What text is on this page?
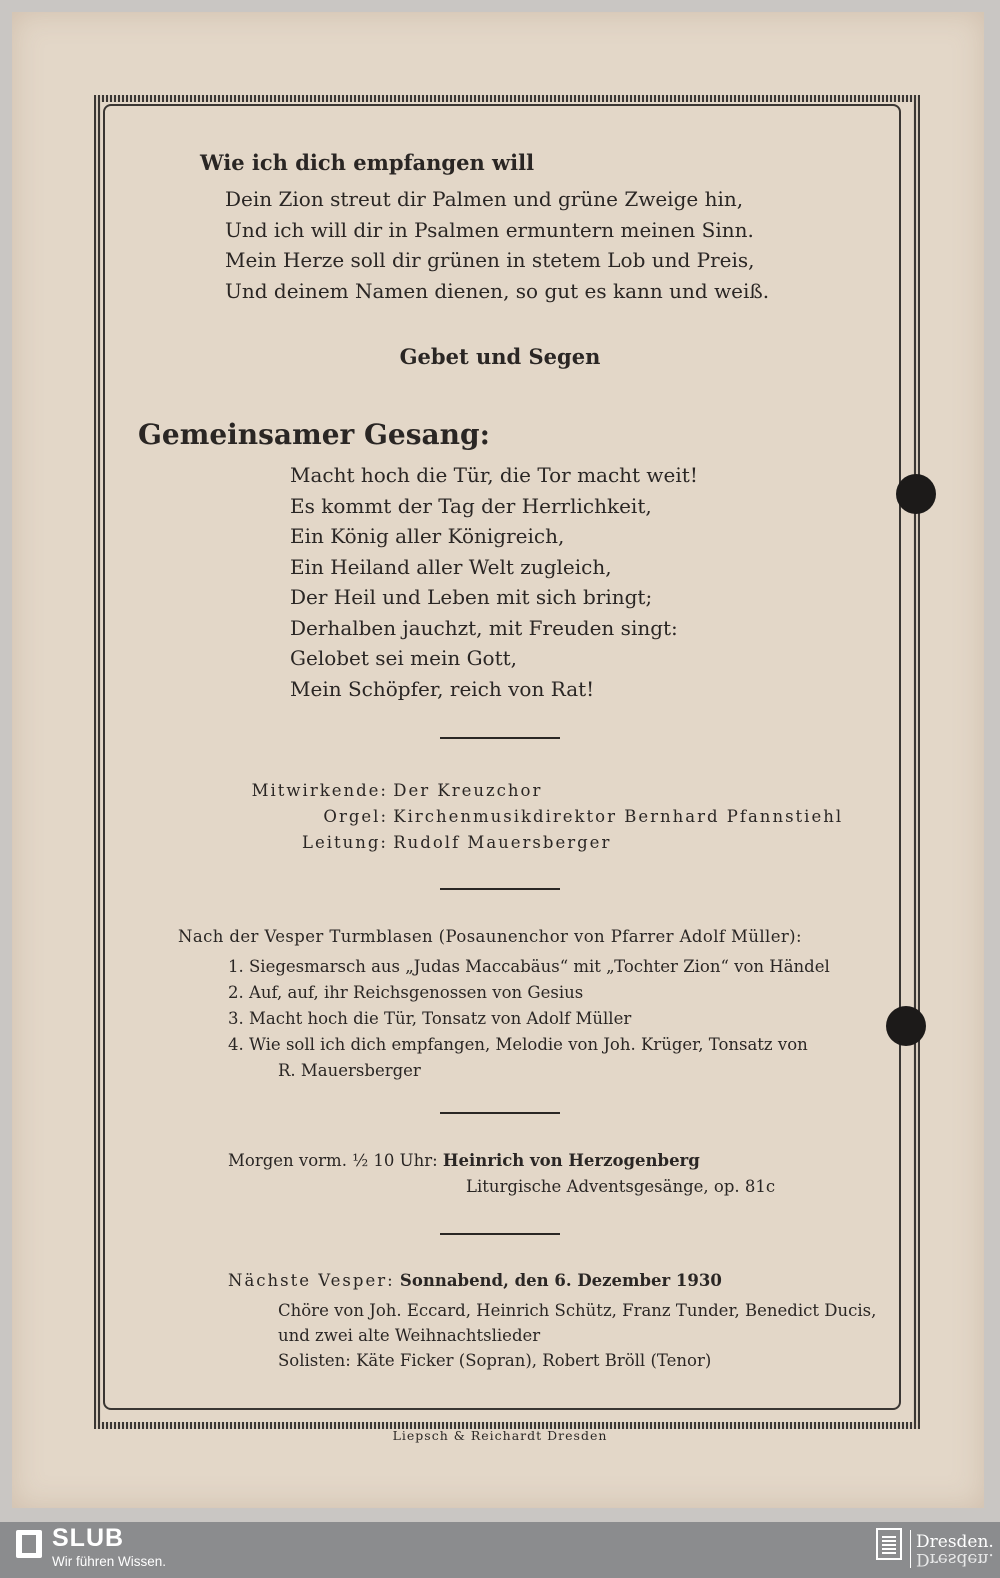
Wie ich dich empfangen will

Dein Zion streut dir Palmen und grüne Zweige hin,
Und ich will dir in Psalmen ermuntern meinen Sinn.
Mein Herze soll dir grünen in stetem Lob und Preis,
Und deinem Namen dienen, so gut es kann und weiß.

Gebet und Segen

Gemeinsamer Gesang:

Macht hoch die Tür, die Tor macht weit!
Es kommt der Tag der Herrlichkeit,
Ein König aller Königreich,
Ein Heiland aller Welt zugleich,
Der Heil und Leben mit sich bringt;
Derhalben jauchzt, mit Freuden singt:
Gelobet sei mein Gott,
Mein Schöpfer, reich von Rat!
Mitwirkende: Der Kreuzchor
Orgel: Kirchenmusikdirektor Bernhard Pfannstiehl
Leitung: Rudolf Mauersberger

Nach der Vesper Turmblasen (Posaunenchor von Pfarrer Adolf Müller):

1. Siegesmarsch aus „Judas Maccabäus“ mit „Tochter Zion“ von Händel
2. Auf, auf, ihr Reichsgenossen von Gesius
3. Macht hoch die Tür, Tonsatz von Adolf Müller
4. Wie soll ich dich empfangen, Melodie von Joh. Krüger, Tonsatz von
R. Mauersberger
Morgen vorm. ½ 10 Uhr: Heinrich von Herzogenberg

Liturgische Adventsgesänge, op. 81c

Nächste Vesper: Sonnabend, den 6. Dezember 1930
Chöre von Joh. Eccard, Heinrich Schütz, Franz Tunder, Benedict Ducis,
und zwei alte Weihnachtslieder
Solisten: Käte Ficker (Sopran), Robert Bröll (Tenor)

Liepsch & Reichardt Dresden

SLUB
Wir führen Wissen.
Dresden.
Dresden.
